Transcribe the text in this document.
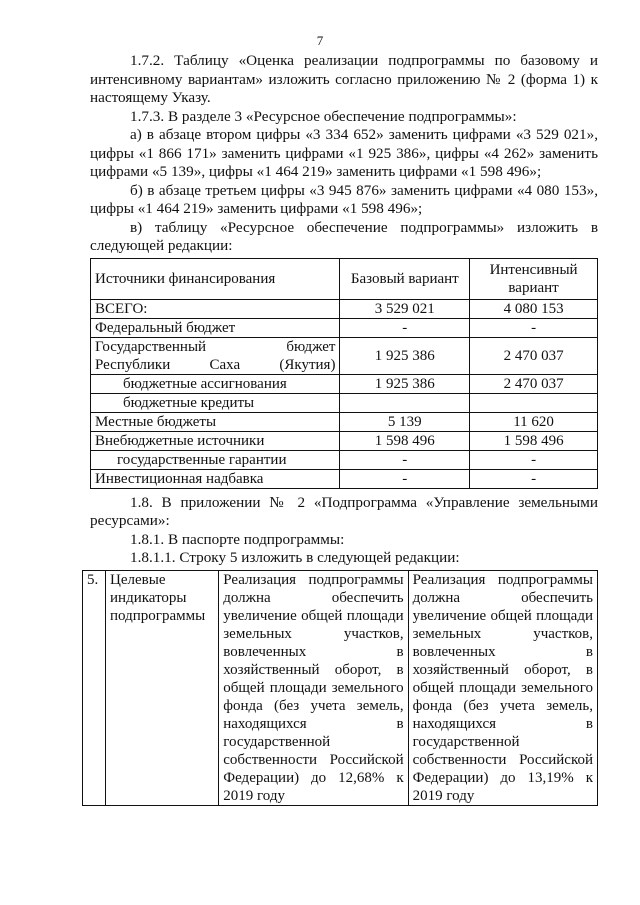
7

1.7.2. Таблицу «Оценка реализации подпрограммы по базовому и интенсивному вариантам» изложить согласно приложению № 2 (форма 1) к настоящему Указу.

1.7.3. В разделе 3 «Ресурсное обеспечение подпрограммы»:

а) в абзаце втором цифры «3 334 652» заменить цифрами «3 529 021», цифры «1 866 171» заменить цифрами «1 925 386», цифры «4 262» заменить цифрами «5 139», цифры «1 464 219» заменить цифрами «1 598 496»;

б) в абзаце третьем цифры «3 945 876» заменить цифрами «4 080 153», цифры «1 464 219» заменить цифрами «1 598 496»;

в) таблицу «Ресурсное обеспечение подпрограммы» изложить в следующей редакции:

Источники финансирования	Базовый вариант	Интенсивный вариант
ВСЕГО:	3 529 021	4 080 153
Федеральный бюджет	-	-

Государственный бюджет Республики Саха (Якутия)	1 925 386	2 470 037
бюджетные ассигнования	1 925 386	2 470 037
бюджетные кредиты		
Местные бюджеты	5 139	11 620
Внебюджетные источники	1 598 496	1 598 496
государственные гарантии	-	-
Инвестиционная надбавка	-	-

1.8. В приложении № 2 «Подпрограмма «Управление земельными ресурсами»:

1.8.1. В паспорте подпрограммы:

1.8.1.1. Строку 5 изложить в следующей редакции:

5.	Целевые индикаторы подпрограммы	Реализация подпрограммы должна обеспечить увеличение общей площади земельных участков, вовлеченных в хозяйственный оборот, в общей площади земельного фонда (без учета земель, находящихся в государственной собственности Российской Федерации) до 12,68% к 2019 году	Реализация подпрограммы должна обеспечить увеличение общей площади земельных участков, вовлеченных в хозяйственный оборот, в общей площади земельного фонда (без учета земель, находящихся в государственной собственности Российской Федерации) до 13,19% к 2019 году
